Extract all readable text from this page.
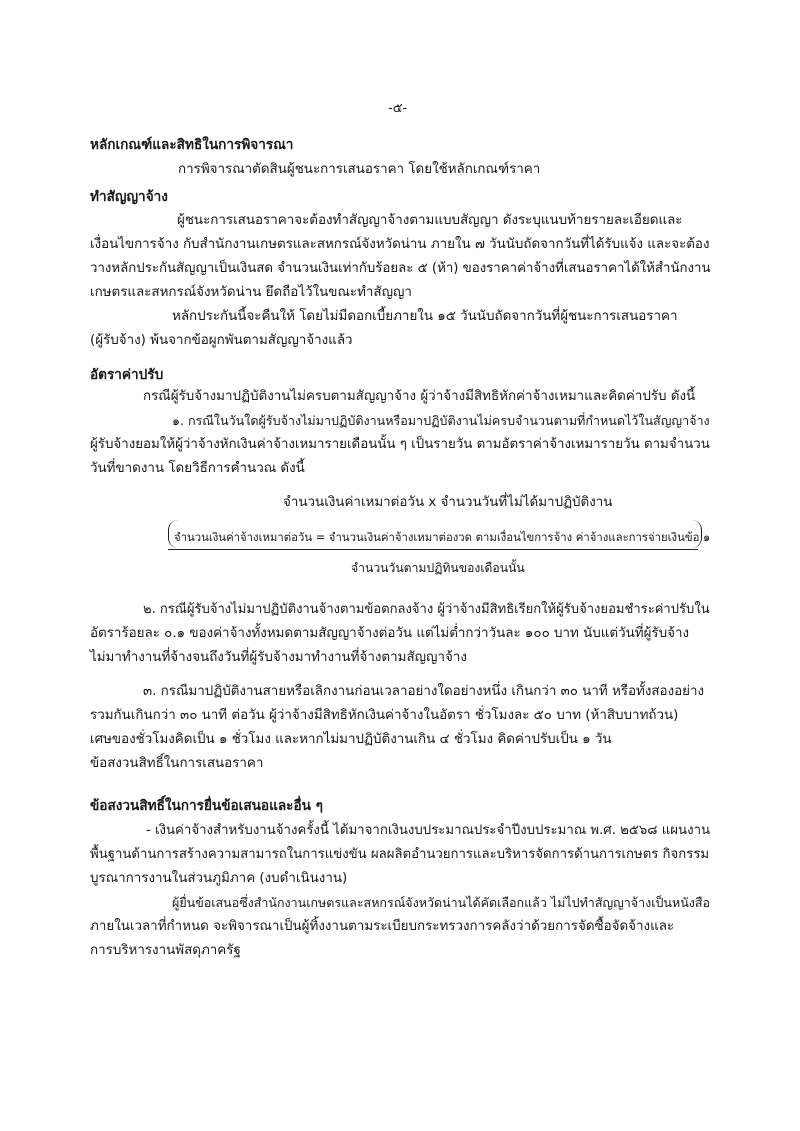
-๕-
หลักเกณฑ์และสิทธิในการพิจารณา
การพิจารณาตัดสินผู้ชนะการเสนอราคา โดยใช้หลักเกณฑ์ราคา
ทำสัญญาจ้าง
ผู้ชนะการเสนอราคาจะต้องทำสัญญาจ้างตามแบบสัญญา ดังระบุแนบท้ายรายละเอียดและ
เงื่อนไขการจ้าง กับสำนักงานเกษตรและสหกรณ์จังหวัดน่าน ภายใน ๗ วันนับถัดจากวันที่ได้รับแจ้ง และจะต้อง
วางหลักประกันสัญญาเป็นเงินสด จำนวนเงินเท่ากับร้อยละ ๕ (ห้า) ของราคาค่าจ้างที่เสนอราคาได้ให้สำนักงาน
เกษตรและสหกรณ์จังหวัดน่าน ยึดถือไว้ในขณะทำสัญญา
หลักประกันนี้จะคืนให้ โดยไม่มีดอกเบี้ยภายใน ๑๕ วันนับถัดจากวันที่ผู้ชนะการเสนอราคา
(ผู้รับจ้าง) พ้นจากข้อผูกพันตามสัญญาจ้างแล้ว
อัตราค่าปรับ
กรณีผู้รับจ้างมาปฏิบัติงานไม่ครบตามสัญญาจ้าง ผู้ว่าจ้างมีสิทธิหักค่าจ้างเหมาและคิดค่าปรับ ดังนี้
๑. กรณีในวันใดผู้รับจ้างไม่มาปฏิบัติงานหรือมาปฏิบัติงานไม่ครบจำนวนตามที่กำหนดไว้ในสัญญาจ้าง
ผู้รับจ้างยอมให้ผู้ว่าจ้างหักเงินค่าจ้างเหมารายเดือนนั้น ๆ เป็นรายวัน ตามอัตราค่าจ้างเหมารายวัน ตามจำนวน
วันที่ขาดงาน โดยวิธีการคำนวณ ดังนี้
จำนวนเงินค่าเหมาต่อวัน x จำนวนวันที่ไม่ได้มาปฏิบัติงาน
จำนวนเงินค่าจ้างเหมาต่อวัน = จำนวนเงินค่าจ้างเหมาต่องวด ตามเงื่อนไขการจ้าง ค่าจ้างและการจ่ายเงินข้อ ๑
จำนวนวันตามปฏิทินของเดือนนั้น
๒. กรณีผู้รับจ้างไม่มาปฏิบัติงานจ้างตามข้อตกลงจ้าง ผู้ว่าจ้างมีสิทธิเรียกให้ผู้รับจ้างยอมชำระค่าปรับใน
อัตราร้อยละ ๐.๑ ของค่าจ้างทั้งหมดตามสัญญาจ้างต่อวัน แต่ไม่ต่ำกว่าวันละ ๑๐๐ บาท นับแต่วันที่ผู้รับจ้าง
ไม่มาทำงานที่จ้างจนถึงวันที่ผู้รับจ้างมาทำงานที่จ้างตามสัญญาจ้าง
๓. กรณีมาปฏิบัติงานสายหรือเลิกงานก่อนเวลาอย่างใดอย่างหนึ่ง เกินกว่า ๓๐ นาที หรือทั้งสองอย่าง
รวมกันเกินกว่า ๓๐ นาที ต่อวัน ผู้ว่าจ้างมีสิทธิหักเงินค่าจ้างในอัตรา ชั่วโมงละ ๕๐ บาท (ห้าสิบบาทถ้วน)
เศษของชั่วโมงคิดเป็น ๑ ชั่วโมง และหากไม่มาปฏิบัติงานเกิน ๔ ชั่วโมง คิดค่าปรับเป็น ๑ วัน
ข้อสงวนสิทธิ์ในการเสนอราคา
ข้อสงวนสิทธิ์ในการยื่นข้อเสนอและอื่น ๆ
- เงินค่าจ้างสำหรับงานจ้างครั้งนี้ ได้มาจากเงินงบประมาณประจำปีงบประมาณ พ.ศ. ๒๕๖๘ แผนงาน
พื้นฐานด้านการสร้างความสามารถในการแข่งขัน ผลผลิตอำนวยการและบริหารจัดการด้านการเกษตร กิจกรรม
บูรณาการงานในส่วนภูมิภาค (งบดำเนินงาน)
ผู้ยื่นข้อเสนอซึ่งสำนักงานเกษตรและสหกรณ์จังหวัดน่านได้คัดเลือกแล้ว ไม่ไปทำสัญญาจ้างเป็นหนังสือ
ภายในเวลาที่กำหนด จะพิจารณาเป็นผู้ทิ้งงานตามระเบียบกระทรวงการคลังว่าด้วยการจัดซื้อจัดจ้างและ
การบริหารงานพัสดุภาครัฐ
